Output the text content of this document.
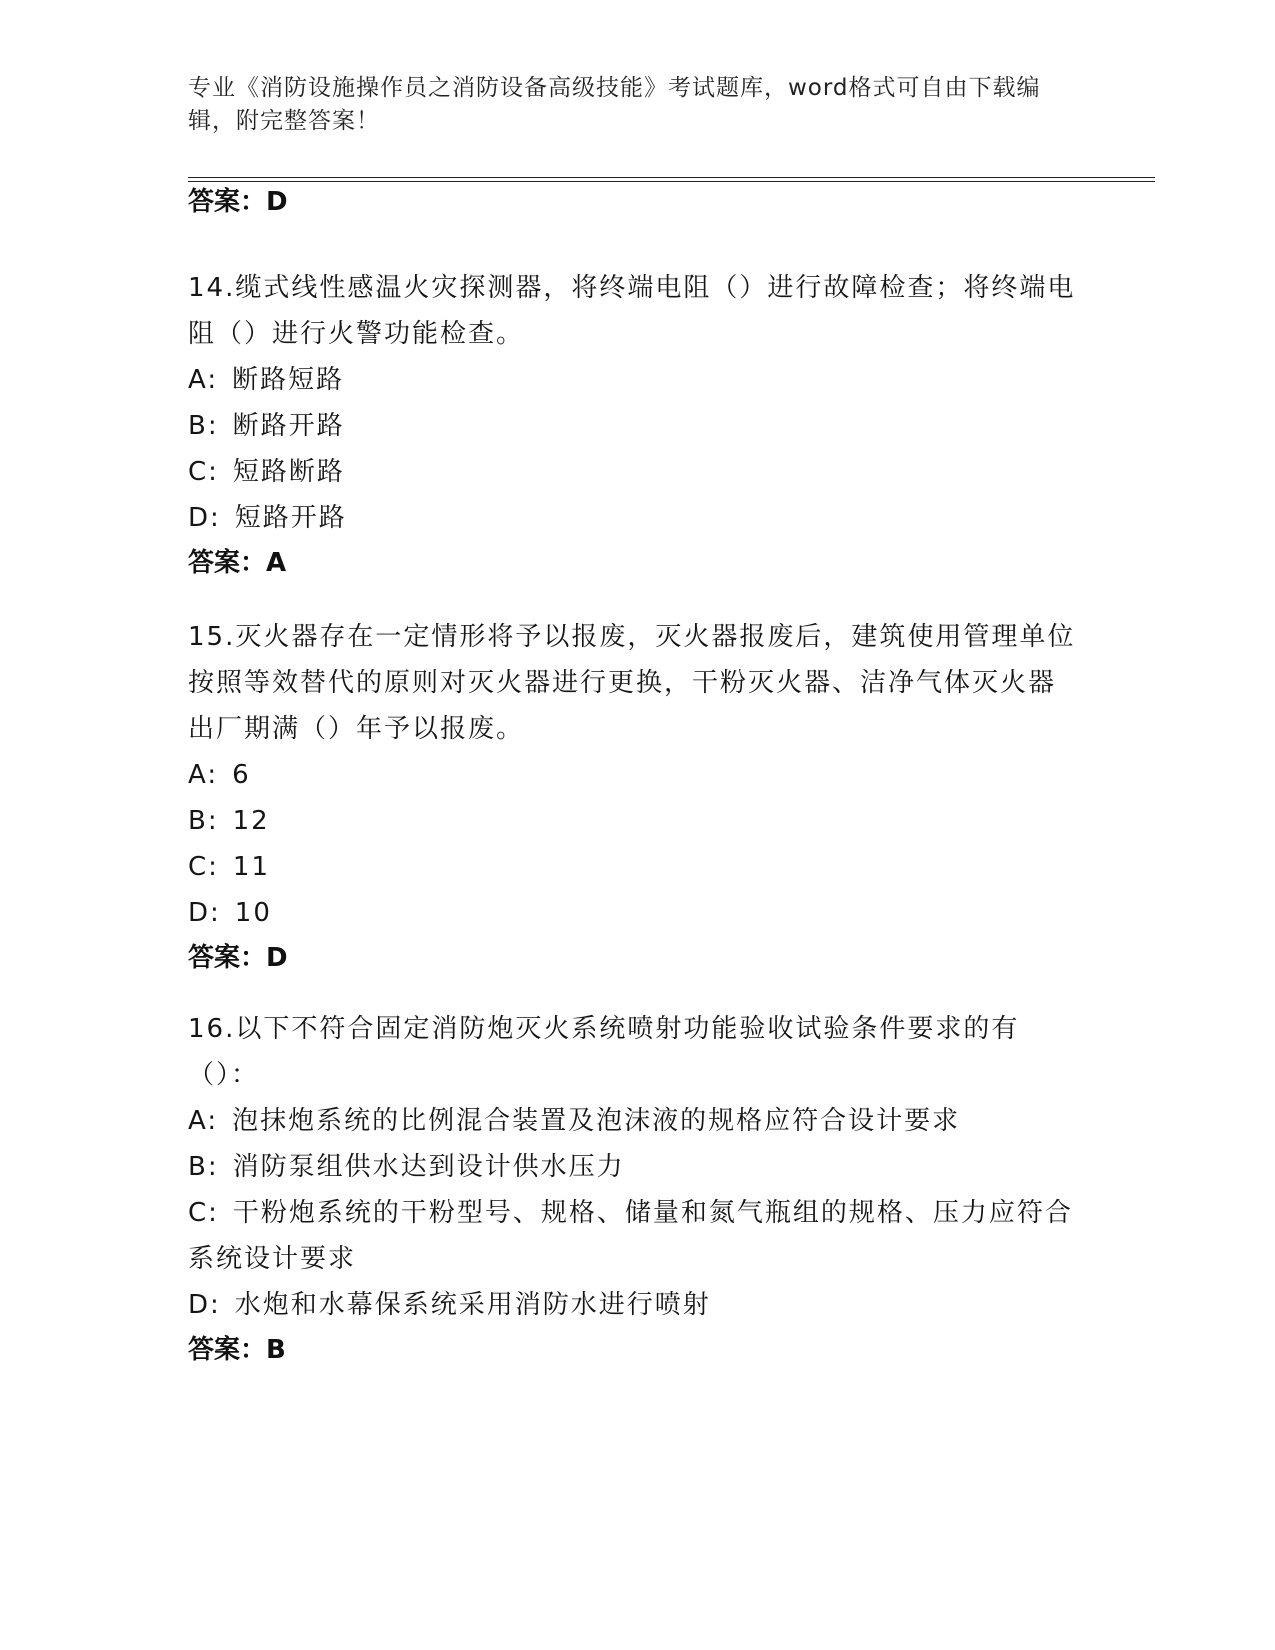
专业《消防设施操作员之消防设备高级技能》考试题库，word格式可自由下载编辑，附完整答案！
答案：D

14.缆式线性感温火灾探测器，将终端电阻（）进行故障检查；将终端电阻（）进行火警功能检查。

A: 断路短路

B: 断路开路

C: 短路断路

D: 短路开路

答案：A

15.灭火器存在一定情形将予以报废，灭火器报废后，建筑使用管理单位按照等效替代的原则对灭火器进行更换，干粉灭火器、洁净气体灭火器出厂期满（）年予以报废。

A: 6

B: 12

C: 11

D: 10

答案：D

16.以下不符合固定消防炮灭火系统喷射功能验收试验条件要求的有（）：

A: 泡抹炮系统的比例混合装置及泡沫液的规格应符合设计要求

B: 消防泵组供水达到设计供水压力

C: 干粉炮系统的干粉型号、规格、储量和氮气瓶组的规格、压力应符合系统设计要求

D: 水炮和水幕保系统采用消防水进行喷射

答案：B
